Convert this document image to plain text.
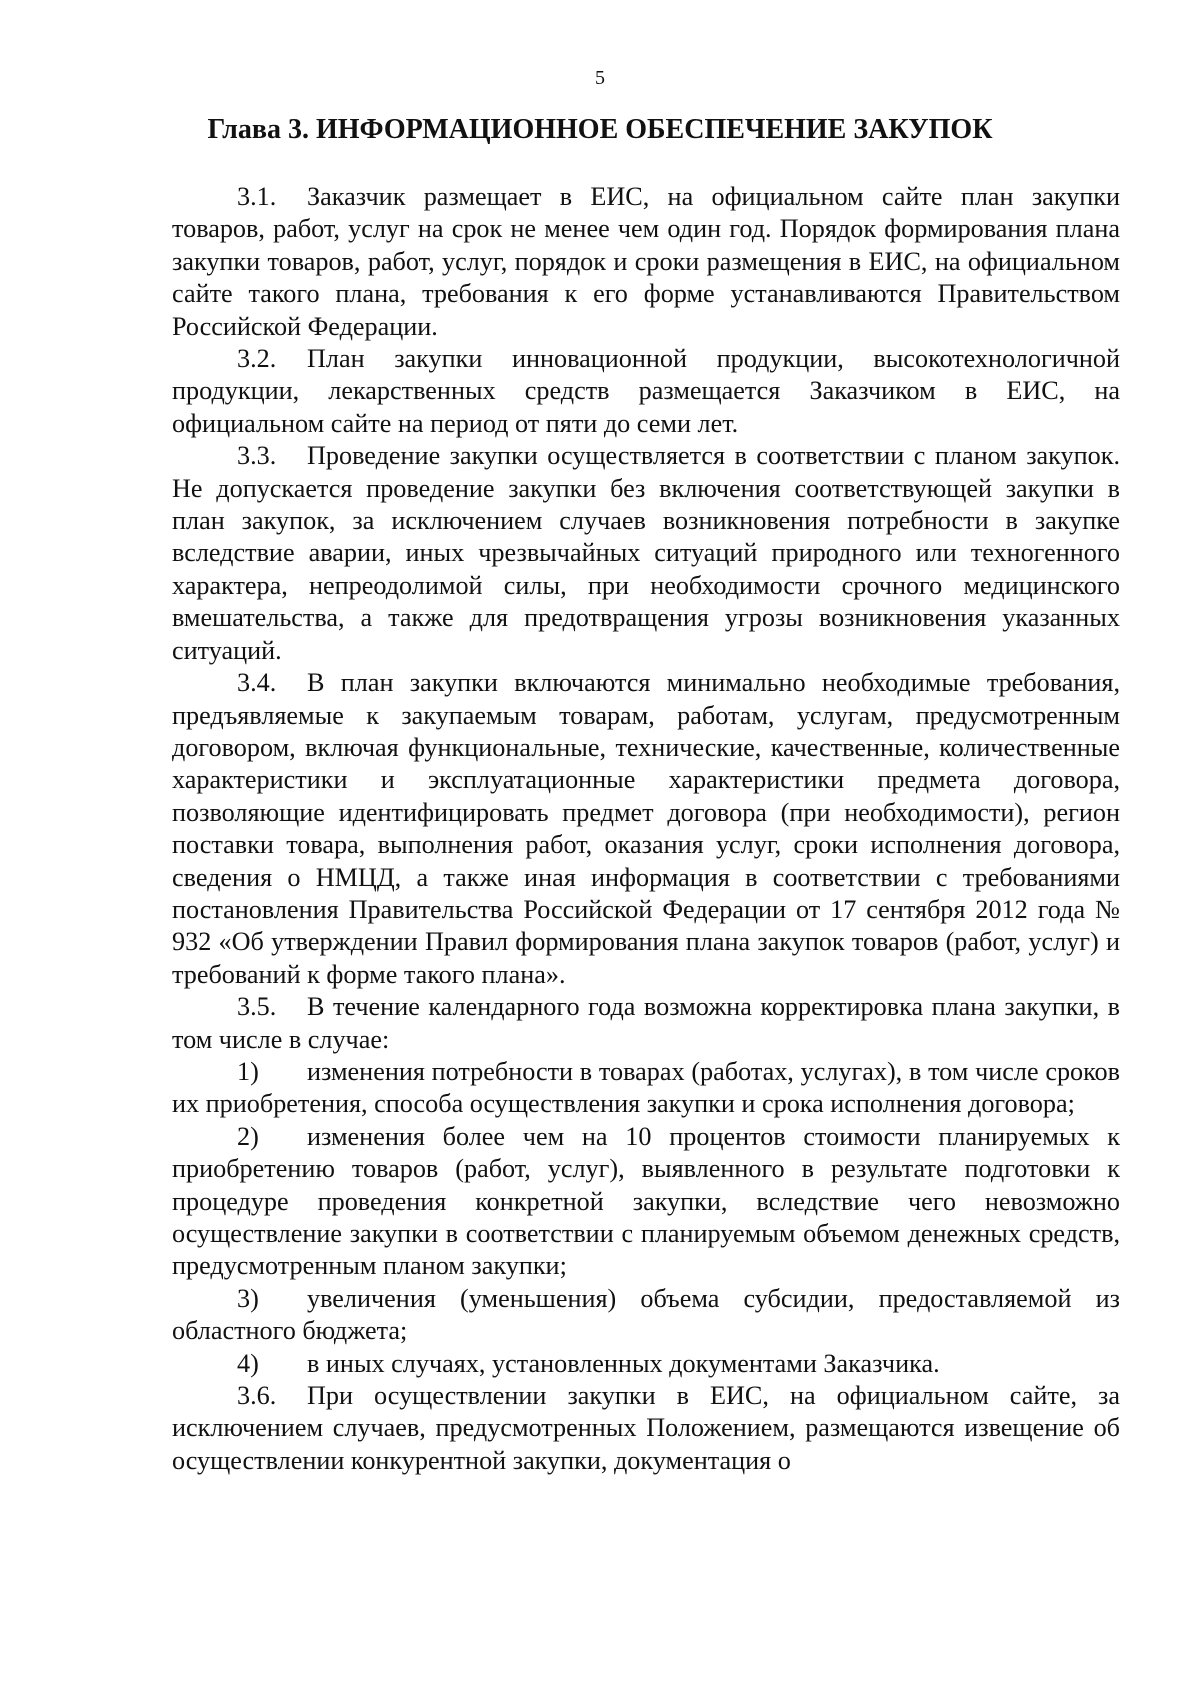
5
Глава 3. ИНФОРМАЦИОННОЕ ОБЕСПЕЧЕНИЕ ЗАКУПОК

3.1. Заказчик размещает в ЕИС, на официальном сайте план закупки товаров, работ, услуг на срок не менее чем один год. Порядок формирования плана закупки товаров, работ, услуг, порядок и сроки размещения в ЕИС, на официальном сайте такого плана, требования к его форме устанавливаются Правительством Российской Федерации.

3.2. План закупки инновационной продукции, высокотехнологичной продукции, лекарственных средств размещается Заказчиком в ЕИС, на официальном сайте на период от пяти до семи лет.

3.3. Проведение закупки осуществляется в соответствии с планом закупок. Не допускается проведение закупки без включения соответствующей закупки в план закупок, за исключением случаев возникновения потребности в закупке вследствие аварии, иных чрезвычайных ситуаций природного или техногенного характера, непреодолимой силы, при необходимости срочного медицинского вмешательства, а также для предотвращения угрозы возникновения указанных ситуаций.

3.4. В план закупки включаются минимально необходимые требования, предъявляемые к закупаемым товарам, работам, услугам, предусмотренным договором, включая функциональные, технические, качественные, количественные характеристики и эксплуатационные характеристики предмета договора, позволяющие идентифицировать предмет договора (при необходимости), регион поставки товара, выполнения работ, оказания услуг, сроки исполнения договора, сведения о НМЦД, а также иная информация в соответствии с требованиями постановления Правительства Российской Федерации от 17 сентября 2012 года № 932 «Об утверждении Правил формирования плана закупок товаров (работ, услуг) и требований к форме такого плана».

3.5. В течение календарного года возможна корректировка плана закупки, в том числе в случае:

1) изменения потребности в товарах (работах, услугах), в том числе сроков их приобретения, способа осуществления закупки и срока исполнения договора;

2) изменения более чем на 10 процентов стоимости планируемых к приобретению товаров (работ, услуг), выявленного в результате подготовки к процедуре проведения конкретной закупки, вследствие чего невозможно осуществление закупки в соответствии с планируемым объемом денежных средств, предусмотренным планом закупки;

3) увеличения (уменьшения) объема субсидии, предоставляемой из областного бюджета;

4) в иных случаях, установленных документами Заказчика.

3.6. При осуществлении закупки в ЕИС, на официальном сайте, за исключением случаев, предусмотренных Положением, размещаются извещение об осуществлении конкурентной закупки, документация о
